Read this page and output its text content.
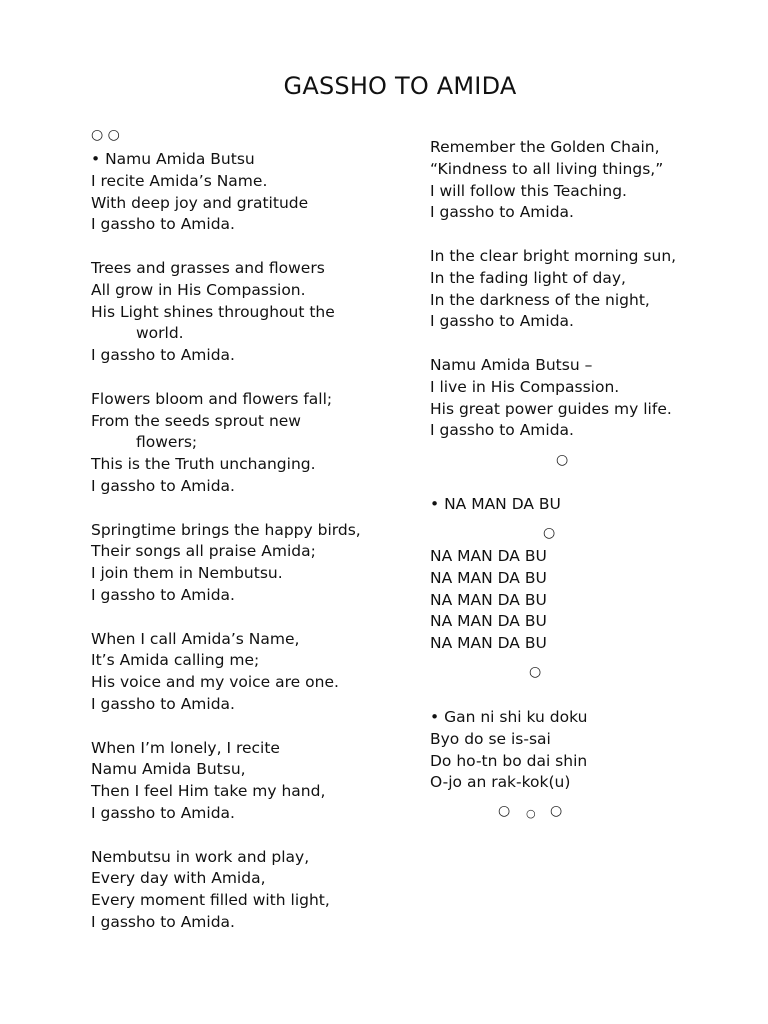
GASSHO TO AMIDA
○ ○
○
○
○
○ ○ ○
• Namu Amida Butsu
I recite Amida’s Name.
With deep joy and gratitude
I gassho to Amida.
Trees and grasses and flowers
All grow in His Compassion.
His Light shines throughout the
world.
I gassho to Amida.
Flowers bloom and flowers fall;
From the seeds sprout new
flowers;
This is the Truth unchanging.
I gassho to Amida.
Springtime brings the happy birds,
Their songs all praise Amida;
I join them in Nembutsu.
I gassho to Amida.
When I call Amida’s Name,
It’s Amida calling me;
His voice and my voice are one.
I gassho to Amida.
When I’m lonely, I recite
Namu Amida Butsu,
Then I feel Him take my hand,
I gassho to Amida.
Nembutsu in work and play,
Every day with Amida,
Every moment filled with light,
I gassho to Amida.
Remember the Golden Chain,
“Kindness to all living things,”
I will follow this Teaching.
I gassho to Amida.
In the clear bright morning sun,
In the fading light of day,
In the darkness of the night,
I gassho to Amida.
Namu Amida Butsu –
I live in His Compassion.
His great power guides my life.
I gassho to Amida.
• NA MAN DA BU
NA MAN DA BU
NA MAN DA BU
NA MAN DA BU
NA MAN DA BU
NA MAN DA BU
• Gan ni shi ku doku
Byo do se is-sai
Do ho-tn bo dai shin
O-jo an rak-kok(u)
